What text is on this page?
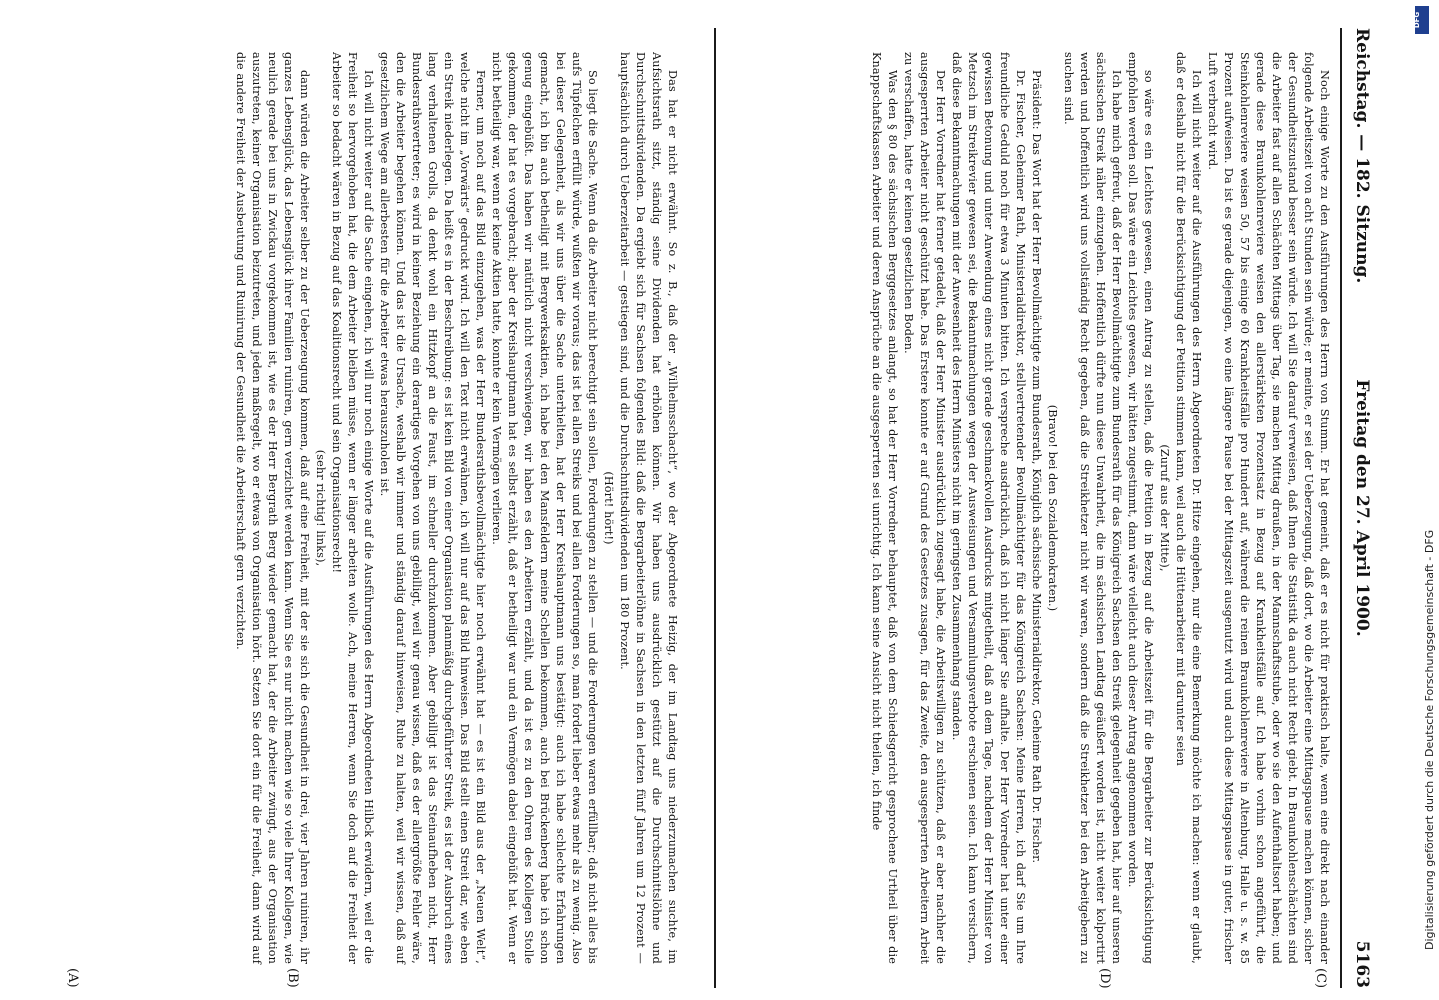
Reichstag. — 182. Sitzung.
Freitag den 27. April 1900.
5163

Noch einige Worte zu den Ausführungen des Herrn von Stumm. Er hat gemeint, daß er es nicht für praktisch halte, wenn eine direkt nach einander folgende Arbeitszeit von acht Stunden sein würde; er meinte, er sei der Ueberzeugung, daß dort, wo die Arbeiter eine Mittagspause machen können, sicher der Gesundheitszustand besser sein würde. Ich will Sie darauf verweisen, daß Ihnen die Statistik da auch nicht Recht giebt. In Braunkohlenschächten sind die Arbeiter fast auf allen Schächten Mittags über Tag, sie machen Mittag draußen, in der Mannschaftsstube, oder wo sie den Aufenthaltsort haben; und gerade diese Braunkohlenreviere weisen den allerstärksten Prozentsatz in Bezug auf Krankheitsfälle auf. Ich habe vorhin schon angeführt, die Steinkohlenreviere weisen 50, 57 bis einige 60 Krankheitsfälle pro Hundert auf, während die reinen Braunkohlenreviere in Altenburg, Halle u. s. w. 85 Prozent aufweisen. Da ist es gerade diejenigen, wo eine längere Pause bei der Mittagszeit ausgenutzt wird und auch diese Mittagspause in guter, frischer Luft verbracht wird.

Ich will nicht weiter auf die Ausführungen des Herrn Abgeordneten Dr. Hitze eingehen, nur die eine Bemerkung möchte ich machen: wenn er glaubt, daß er deshalb nicht für die Berücksichtigung der Petition stimmen kann, weil auch die Hüttenarbeiter mit darunter seien

(Zuruf aus der Mitte),

so wäre es ein Leichtes gewesen, einen Antrag zu stellen, daß die Petition in Bezug auf die Arbeitszeit für die Bergarbeiter zur Berücksichtigung empfohlen werden soll. Das wäre ein Leichtes gewesen, wir hätten zugestimmt, dann wäre vielleicht auch dieser Antrag angenommen worden.

Ich habe mich gefreut, daß der Herr Bevollmächtigte zum Bundesrath für das Königreich Sachsen den Streik gelegenheit gegeben hat, hier auf unseren sächsischen Streik näher einzugehen. Hoffentlich dürfte nun diese Unwahrheit, die im sächsischen Landtag geäußert worden ist, nicht weiter kolportirt werden und hoffentlich wird uns vollständig Recht gegeben, daß die Streikhetzer nicht wir waren, sondern daß die Streikhetzer bei den Arbeitgebern zu suchen sind.

(Bravo! bei den Sozialdemokraten.)

Präsident: Das Wort hat der Herr Bevollmächtigte zum Bundesrath, Königlich sächsische Ministerialdirektor, Geheime Rath Dr. Fischer.

Dr. Fischer, Geheimer Rath, Ministerialdirektor, stellvertretender Bevollmächtigter für das Königreich Sachsen: Meine Herren, ich darf Sie um Ihre freundliche Geduld noch für etwa 3 Minuten bitten. Ich verspreche ausdrücklich, daß ich nicht länger Sie aufhalte. Der Herr Vorredner hat unter einer gewissen Betonung und unter Anwendung eines nicht gerade geschmackvollen Ausdrucks mitgetheilt, daß an dem Tage, nachdem der Herr Minister von Metzsch im Streikrevier gewesen sei, die Bekanntmachungen wegen der Ausweisungen und Versammlungsverbote erschienen seien. Ich kann versichern, daß diese Bekanntmachungen mit der Anwesenheit des Herrn Ministers nicht im geringsten Zusammenhang standen.

Der Herr Vorredner hat ferner getadelt, daß der Herr Minister ausdrücklich zugesagt habe, die Arbeitswilligen zu schützen, daß er aber nachher die ausgesperrten Arbeiter nicht geschützt habe. Das Erstere konnte er auf Grund des Gesetzes zusagen, für das Zweite, den ausgesperrten Arbeitern Arbeit zu verschaffen, hatte er keinen gesetzlichen Boden.

Was den § 80 des sächsischen Berggesetzes anlangt, so hat der Herr Vorredner behauptet, daß von dem Schiedsgericht gesprochene Urtheil über die Knappschaftskassen Arbeiter und deren Ansprüche an die ausgesperrten sei unrichtig. Ich kann seine Ansicht nicht theilen, ich finde

Das hat er nicht erwähnt. So z. B., daß der „Wilhelmsschacht“, wo der Abgeordnete Heizig, der im Landtag uns niederzumachen suchte, im Aufsichtsrath sitzt, ständig seine Dividenden hat erhöhen können. Wir haben uns ausdrücklich gestützt auf die Durchschnittslöhne und Durchschnittsdividenden. Da ergiebt sich für Sachsen folgendes Bild: daß die Bergarbeiterlöhne in Sachsen in den letzten fünf Jahren um 12 Prozent — hauptsächlich durch Ueberzeitarbeit — gestiegen sind, und die Durchschnittsdividenden um 180 Prozent.

(Hört! hört!)

So liegt die Sache. Wenn da die Arbeiter nicht berechtigt sein sollen, Forderungen zu stellen — und die Forderungen waren erfüllbar; daß nicht alles bis aufs Tüpfelchen erfüllt würde, wußten wir voraus; das ist bei allen Streiks und bei allen Forderungen so, man fordert lieber etwas mehr als zu wenig. Also bei dieser Gelegenheit, als wir uns über die Sache unterhielten, hat der Herr Kreishauptmann uns bestätigt: auch ich habe schlechte Erfahrungen gemacht, ich bin auch betheiligt mit Bergwerksaktien, ich habe bei den Mansfeldern meine Schellen bekommen, auch bei Brückenberg habe ich schon genug eingebüßt. Das haben wir natürlich nicht verschwiegen, wir haben es den Arbeitern erzählt, und da ist es zu den Ohren des Kollegen Stolle gekommen, der hat es vorgebracht; aber der Kreishauptmann hat es selbst erzählt, daß er betheiligt war und ein Vermögen dabei eingebüßt hat. Wenn er nicht betheiligt war, wenn er keine Aktien hatte, konnte er kein Vermögen verlieren.

Ferner, um noch auf das Bild einzugehen, was der Herr Bundesrathsbevollmächtigte hier noch erwähnt hat — es ist ein Bild aus der „Neuen Welt“, welche nicht im „Vorwärts“ gedruckt wird. Ich will den Text nicht erwähnen, ich will nur auf das Bild hinweisen. Das Bild stellt einen Streit dar, wie eben ein Streik niederlegen. Da heißt es in der Beschreibung: es ist kein Bild von einer Organisation planmäßig durchgeführter Streik, es ist der Ausbruch eines lang verhaltenen Grolls, da denkt wohl ein Hitzkopf an die Faust, im schneller durchzukommen. Aber gebilligt ist das Steinaufheben nicht, Herr Bundesrathsvertreter; es wird in keiner Beziehung ein derartiges Vorgehen von uns gebilligt, weil wir genau wissen, daß es der allergrößte Fehler wäre, den die Arbeiter begehen können. Und das ist die Ursache, weshalb wir immer und ständig darauf hinweisen, Ruhe zu halten, weil wir wissen, daß auf gesetzlichem Wege am allerbesten für die Arbeiter etwas herauszuholen ist.

Ich will nicht weiter auf die Sache eingehen, ich will nur noch einige Worte auf die Ausführungen des Herrn Abgeordneten Hilbck erwidern, weil er die Freiheit so hervorgehoben hat, die dem Arbeiter bleiben müsse, wenn er länger arbeiten wolle. Ach, meine Herren, wenn Sie doch auf die Freiheit der Arbeiter so bedacht wären in Bezug auf das Koalitionsrecht und sein Organisationsrecht!

(sehr richtig! links),

dann würden die Arbeiter selber zu der Ueberzeugung kommen, daß auf eine Freiheit, mit der sie sich die Gesundheit in drei, vier Jahren ruiniren, ihr ganzes Lebensglück, das Lebensglück ihrer Familien ruiniren, gern verzichtet werden kann. Wenn Sie es nur nicht machen wie so viele Ihrer Kollegen, wie neulich gerade bei uns in Zwickau vorgekommen ist, wie es der Herr Bergrath Berg wieder gemacht hat, der die Arbeiter zwingt, aus der Organisation auszutreten, keiner Organisation beizutreten, und jeden maßregelt, wo er etwas von Organisation hört. Setzen Sie dort ein für die Freiheit, dann wird auf die andere Freiheit der Ausbeutung und Ruinirung der Gesundheit die Arbeiterschaft gern verzichten.

(C)
(D)
(A)	(B)
Digitalisierung gefördert durch die Deutsche Forschungsgemeinschaft - DFG
DFG
